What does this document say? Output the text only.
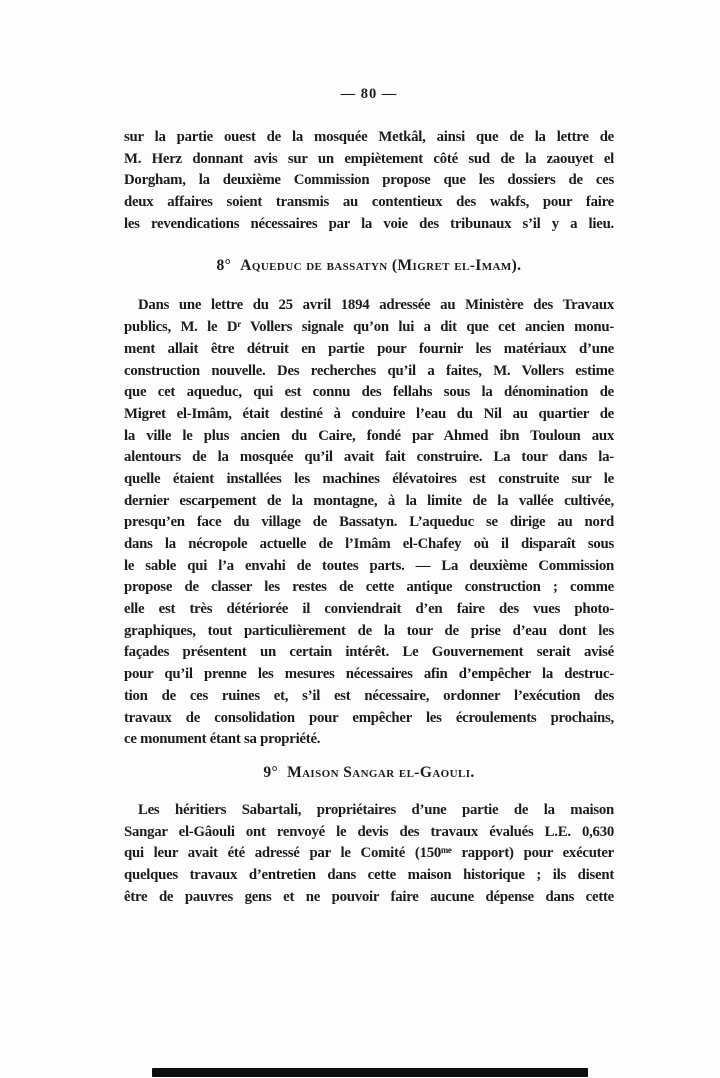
— 80 —
sur la partie ouest de la mosquée Metkâl, ainsi que de la lettre de
M. Herz donnant avis sur un empiètement côté sud de la zaouyet el
Dorgham, la deuxième Commission propose que les dossiers de ces
deux affaires soient transmis au contentieux des wakfs, pour faire
les revendications nécessaires par la voie des tribunaux s’il y a lieu.
8° Aqueduc de bassatyn (Migret el-Imam).
Dans une lettre du 25 avril 1894 adressée au Ministère des Travaux
publics, M. le Dʳ Vollers signale qu’on lui a dit que cet ancien monu-
ment allait être détruit en partie pour fournir les matériaux d’une
construction nouvelle. Des recherches qu’il a faites, M. Vollers estime
que cet aqueduc, qui est connu des fellahs sous la dénomination de
Migret el-Imâm, était destiné à conduire l’eau du Nil au quartier de
la ville le plus ancien du Caire, fondé par Ahmed ibn Touloun aux
alentours de la mosquée qu’il avait fait construire. La tour dans la-
quelle étaient installées les machines élévatoires est construite sur le
dernier escarpement de la montagne, à la limite de la vallée cultivée,
presqu’en face du village de Bassatyn. L’aqueduc se dirige au nord
dans la nécropole actuelle de l’Imâm el-Chafey où il disparaît sous
le sable qui l’a envahi de toutes parts. — La deuxième Commission
propose de classer les restes de cette antique construction ; comme
elle est très détériorée il conviendrait d’en faire des vues photo-
graphiques, tout particulièrement de la tour de prise d’eau dont les
façades présentent un certain intérêt. Le Gouvernement serait avisé
pour qu’il prenne les mesures nécessaires afin d’empêcher la destruc-
tion de ces ruines et, s’il est nécessaire, ordonner l’exécution des
travaux de consolidation pour empêcher les écroulements prochains,
ce monument étant sa propriété.
9° Maison Sangar el-Gaouli.
Les héritiers Sabartali, propriétaires d’une partie de la maison
Sangar el-Gâouli ont renvoyé le devis des travaux évalués L.E. 0,630
qui leur avait été adressé par le Comité (150ᵐᵉ rapport) pour exécuter
quelques travaux d’entretien dans cette maison historique ; ils disent
être de pauvres gens et ne pouvoir faire aucune dépense dans cette
